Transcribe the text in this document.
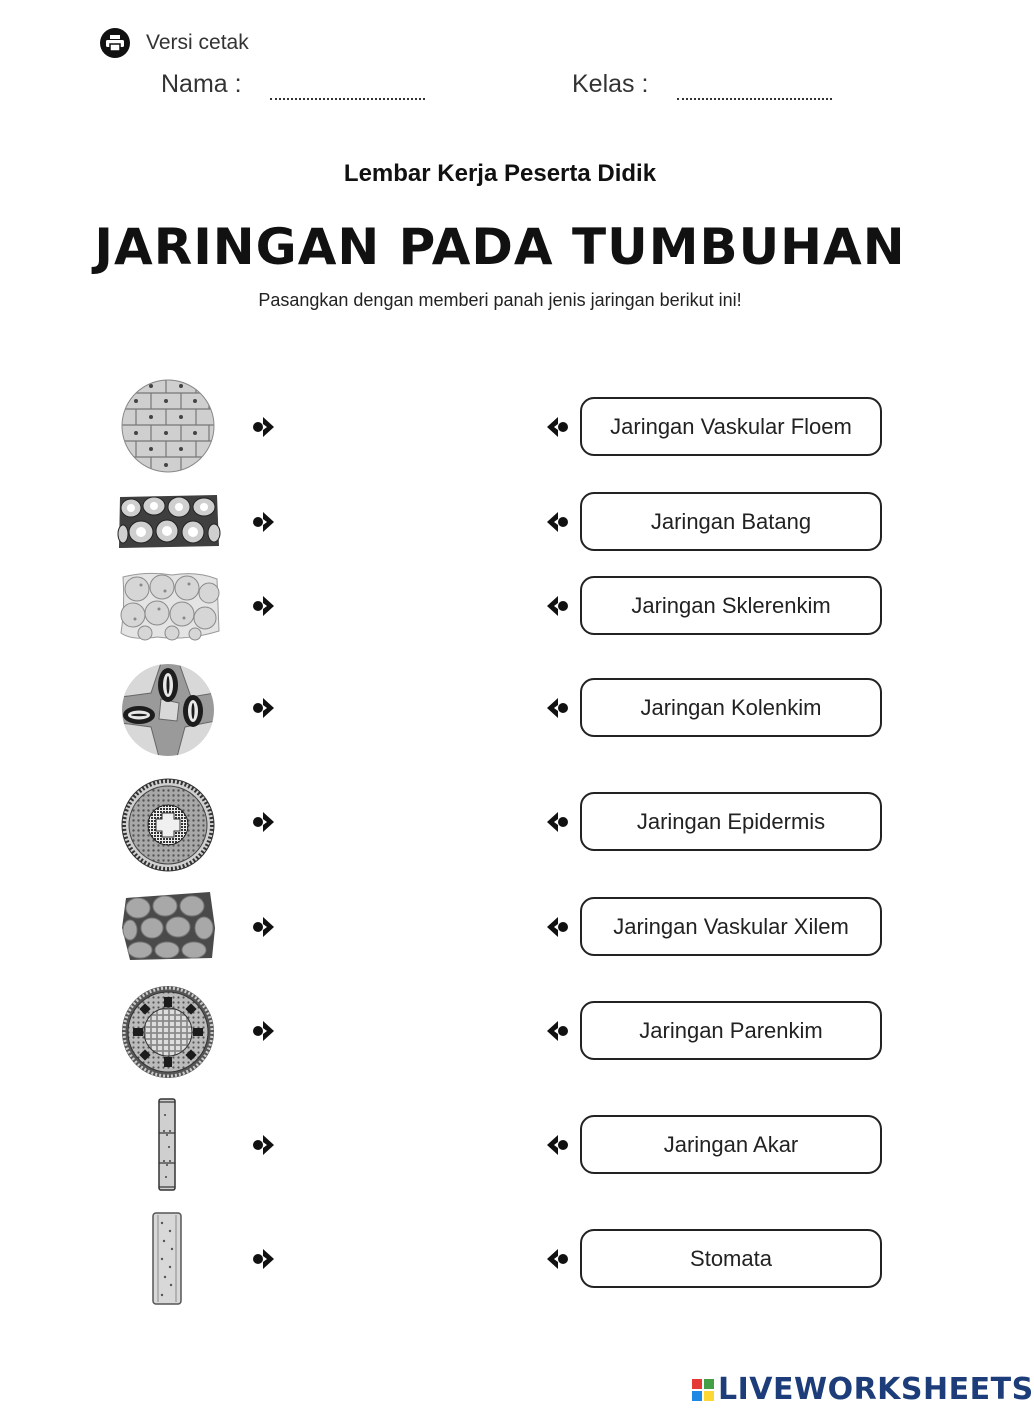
Versi cetak
Nama :	Kelas :
Lembar Kerja Peserta Didik
JARINGAN PADA TUMBUHAN
Pasangkan dengan memberi panah jenis jaringan berikut ini!
Jaringan Vaskular Floem
Jaringan Batang
Jaringan Sklerenkim
Jaringan Kolenkim
Jaringan Epidermis
Jaringan Vaskular Xilem
Jaringan Parenkim
Jaringan Akar
Stomata
LIVEWORKSHEETS
